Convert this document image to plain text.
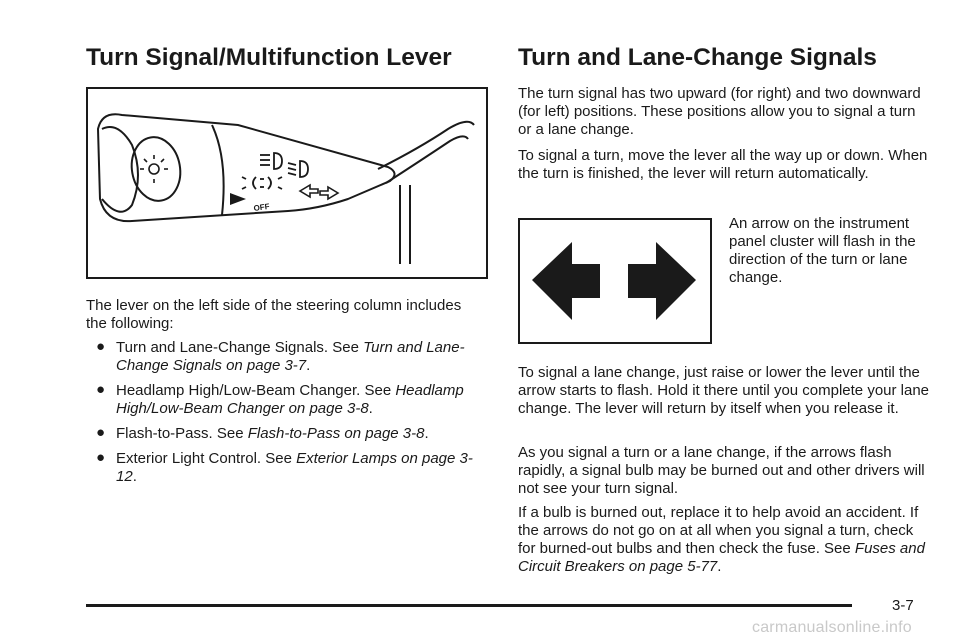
Turn Signal/Multifunction Lever
OFF

The lever on the left side of the steering column includes the following:

● Turn and Lane-Change Signals. See Turn and Lane-Change Signals on page 3-7.
● Headlamp High/Low-Beam Changer. See Headlamp High/Low-Beam Changer on page 3-8.
● Flash-to-Pass. See Flash-to-Pass on page 3-8.
● Exterior Light Control. See Exterior Lamps on page 3-12.
Turn and Lane-Change Signals

The turn signal has two upward (for right) and two downward (for left) positions. These positions allow you to signal a turn or a lane change.

To signal a turn, move the lever all the way up or down. When the turn is finished, the lever will return automatically.

An arrow on the instrument panel cluster will flash in the direction of the turn or lane change.

To signal a lane change, just raise or lower the lever until the arrow starts to flash. Hold it there until you complete your lane change. The lever will return by itself when you release it.

As you signal a turn or a lane change, if the arrows flash rapidly, a signal bulb may be burned out and other drivers will not see your turn signal.

If a bulb is burned out, replace it to help avoid an accident. If the arrows do not go on at all when you signal a turn, check for burned-out bulbs and then check the fuse. See Fuses and Circuit Breakers on page 5-77.

3-7
carmanualsonline.info
